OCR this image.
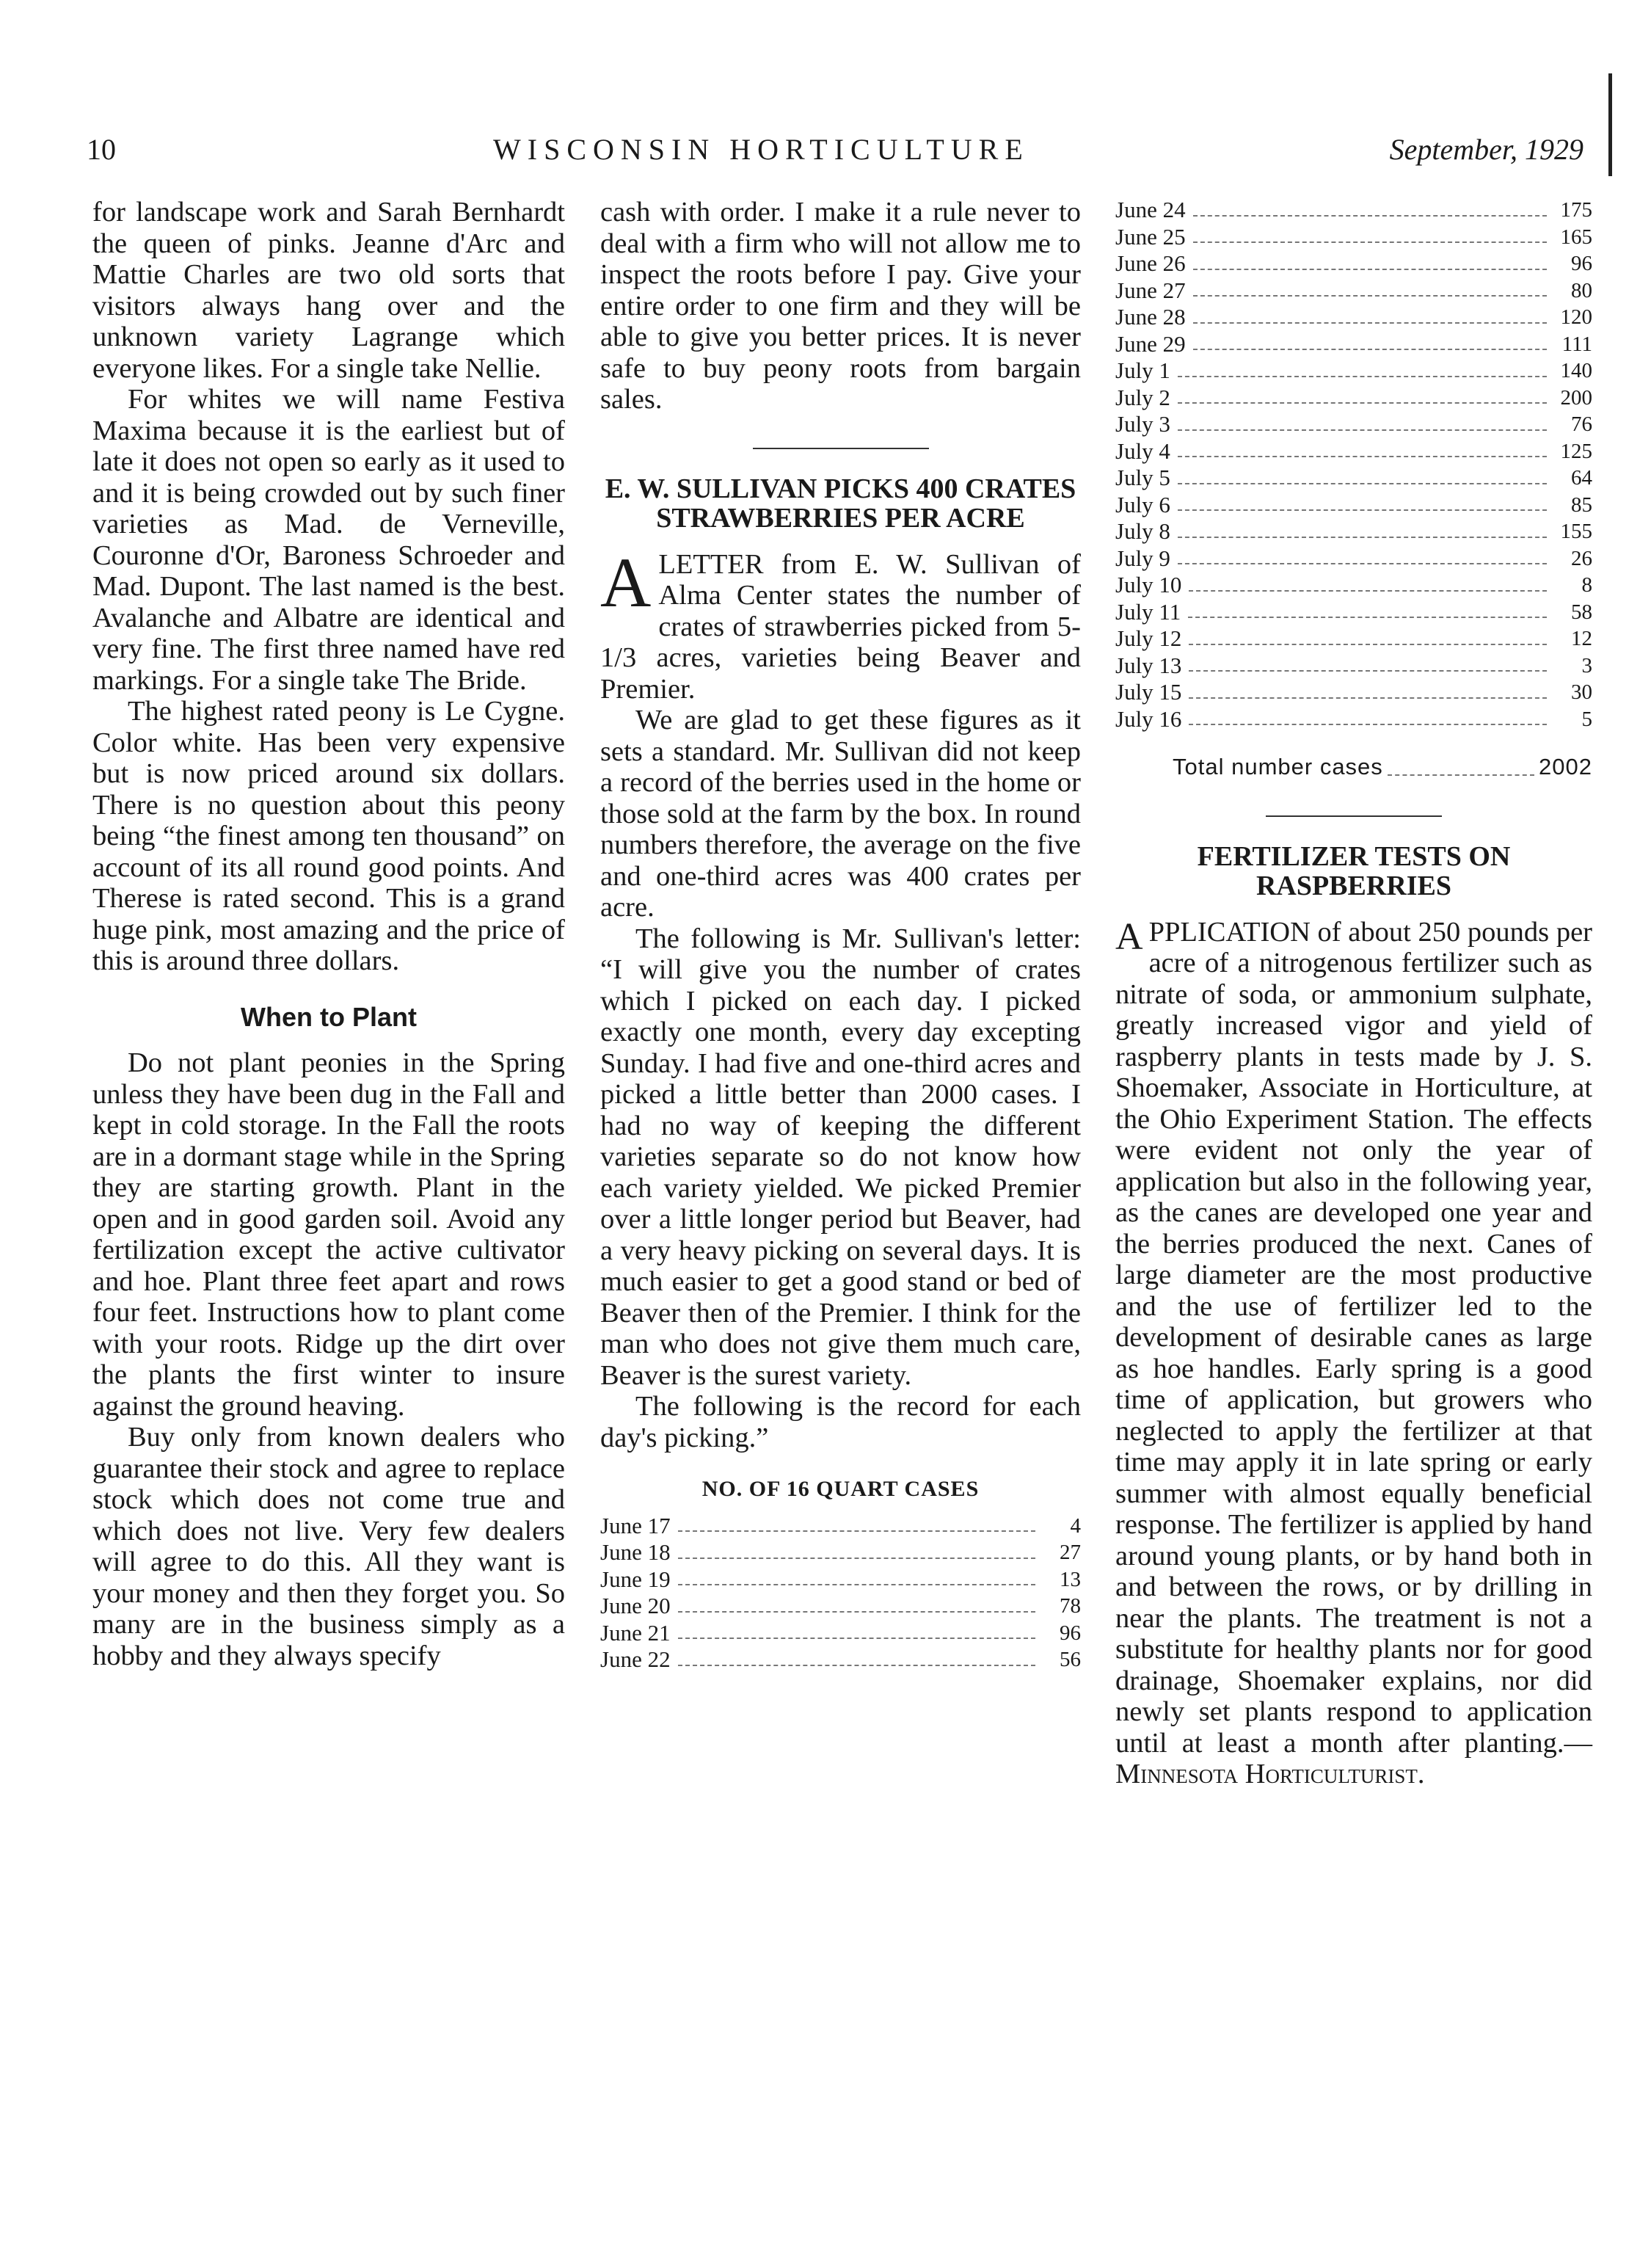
10	WISCONSIN HORTICULTURE	September, 1929

for landscape work and Sarah Bernhardt the queen of pinks. Jeanne d'Arc and Mattie Charles are two old sorts that visitors always hang over and the unknown variety Lagrange which everyone likes. For a single take Nellie.

For whites we will name Festiva Maxima because it is the earliest but of late it does not open so early as it used to and it is being crowded out by such finer varieties as Mad. de Verneville, Couronne d'Or, Baroness Schroeder and Mad. Dupont. The last named is the best. Avalanche and Albatre are identical and very fine. The first three named have red markings. For a single take The Bride.

The highest rated peony is Le Cygne. Color white. Has been very expensive but is now priced around six dollars. There is no question about this peony being “the finest among ten thousand” on account of its all round good points. And Therese is rated second. This is a grand huge pink, most amazing and the price of this is around three dollars.

When to Plant

Do not plant peonies in the Spring unless they have been dug in the Fall and kept in cold storage. In the Fall the roots are in a dormant stage while in the Spring they are starting growth. Plant in the open and in good garden soil. Avoid any fertilization except the active cultivator and hoe. Plant three feet apart and rows four feet. Instructions how to plant come with your roots. Ridge up the dirt over the plants the first winter to insure against the ground heaving.

Buy only from known dealers who guarantee their stock and agree to replace stock which does not come true and which does not live. Very few dealers will agree to do this. All they want is your money and then they forget you. So many are in the business simply as a hobby and they always specify

cash with order. I make it a rule never to deal with a firm who will not allow me to inspect the roots before I pay. Give your entire order to one firm and they will be able to give you better prices. It is never safe to buy peony roots from bargain sales.

E. W. SULLIVAN PICKS 400 CRATES STRAWBERRIES PER ACRE

ALETTER from E. W. Sullivan of Alma Center states the number of crates of strawberries picked from 5-1/3 acres, varieties being Beaver and Premier.

We are glad to get these figures as it sets a standard. Mr. Sullivan did not keep a record of the berries used in the home or those sold at the farm by the box. In round numbers therefore, the average on the five and one-third acres was 400 crates per acre.

The following is Mr. Sullivan's letter: “I will give you the number of crates which I picked on each day. I picked exactly one month, every day excepting Sunday. I had five and one-third acres and picked a little better than 2000 cases. I had no way of keeping the different varieties separate so do not know how each variety yielded. We picked Premier over a little longer period but Beaver, had a very heavy picking on several days. It is much easier to get a good stand or bed of Beaver then of the Premier. I think for the man who does not give them much care, Beaver is the surest variety.

The following is the record for each day's picking.”

NO. OF 16 QUART CASES
June 17	4
June 18	27
June 19	13
June 20	78
June 21	96
June 22	56
June 24	175
June 25	165
June 26	96
June 27	80
June 28	120
June 29	111
July 1	140
July 2	200
July 3	76
July 4	125
July 5	64
July 6	85
July 8	155
July 9	26
July 10	8
July 11	58
July 12	12
July 13	3
July 15	30
July 16	5
Total number cases	2002
FERTILIZER TESTS ON RASPBERRIES

A PPLICATION of about 250 pounds per acre of a nitrogenous fertilizer such as nitrate of soda, or ammonium sulphate, greatly increased vigor and yield of raspberry plants in tests made by J. S. Shoemaker, Associate in Horticulture, at the Ohio Experiment Station. The effects were evident not only the year of application but also in the following year, as the canes are developed one year and the berries produced the next. Canes of large diameter are the most productive and the use of fertilizer led to the development of desirable canes as large as hoe handles. Early spring is a good time of application, but growers who neglected to apply the fertilizer at that time may apply it in late spring or early summer with almost equally beneficial response. The fertilizer is applied by hand around young plants, or by hand both in and between the rows, or by drilling in near the plants. The treatment is not a substitute for healthy plants nor for good drainage, Shoemaker explains, nor did newly set plants respond to application until at least a month after planting.—Minnesota Horticulturist.
